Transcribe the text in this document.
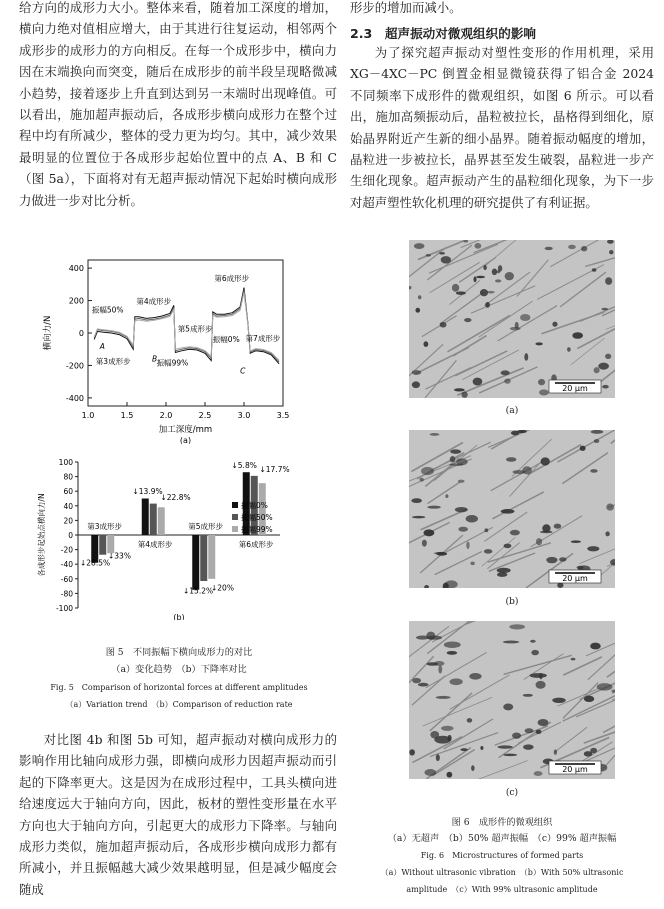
给方向的成形力大小。整体来看，随着加工深度的增加，横向力绝对值相应增大，由于其进行往复运动，相邻两个成形步的成形力的方向相反。在每一个成形步中，横向力因在末端换向而突变，随后在成形步的前半段呈现略微减小趋势，接着逐步上升直到达到另一末端时出现峰值。可以看出，施加超声振动后，各成形步横向成形力在整个过程中均有所减少，整体的受力更为均匀。其中，减少效果最明显的位置位于各成形步起始位置中的点 A、B 和 C（图 5a），下面将对有无超声振动情况下起始时横向成形力做进一步对比分析。

形步的增加而减小。

2.3　超声振动对微观组织的影响

为了探究超声振动对塑性变形的作用机理，采用 XG－4XC－PC 倒置金相显微镜获得了铝合金 2024 不同频率下成形件的微观组织，如图 6 所示。可以看出，施加高频振动后，晶粒被拉长，晶格得到细化，原始晶界附近产生新的细小晶界。随着振动幅度的增加，晶粒进一步被拉长，晶界甚至发生破裂，晶粒进一步产生细化现象。超声振动产生的晶粒细化现象，为下一步对超声塑性软化机理的研究提供了有利证据。

1.0	1.5	2.0	2.5	3.0	3.5
400
200
0
-200
-400
加工深度/mm
横向力/N
第4成形步
振幅50%
第6成形步
第5成形步
振幅0% 第7成形步
A
B
C
第3成形步	振幅99%
(a)
100
80
60
40
20
0
-20
-40
-60
-80
-100
各成形步起始点横向力/N	第3成形步
第4成形步
第5成形步
第6成形步
振幅0%
振幅50%
振幅99%
↓28.5%
↓33%
↓13.9%
↓22.8%
↓15.2%
↓20%
↓5.8% ↓17.7%
(b)

图 5　不同振幅下横向成形力的对比

（a）变化趋势　（b）下降率对比

Fig. 5　Comparison of horizontal forces at different amplitudes

（a）Variation trend　（b）Comparison of reduction rate

对比图 4b 和图 5b 可知，超声振动对横向成形力的影响作用比轴向成形力强，即横向成形力因超声振动而引起的下降率更大。这是因为在成形过程中，工具头横向进给速度远大于轴向方向，因此，板材的塑性变形量在水平方向也大于轴向方向，引起更大的成形力下降率。与轴向成形力类似，施加超声振动后，各成形步横向成形力都有所减小，并且振幅越大减少效果越明显，但是减少幅度会随成

20 μm
(a)
20 μm
(b)
20 μm
(c)

图 6　成形件的微观组织

（a）无超声　（b）50% 超声振幅　（c）99% 超声振幅

Fig. 6　Microstructures of formed parts

（a）Without ultrasonic vibration　（b）With 50% ultrasonic

amplitude　（c）With 99% ultrasonic amplitude
